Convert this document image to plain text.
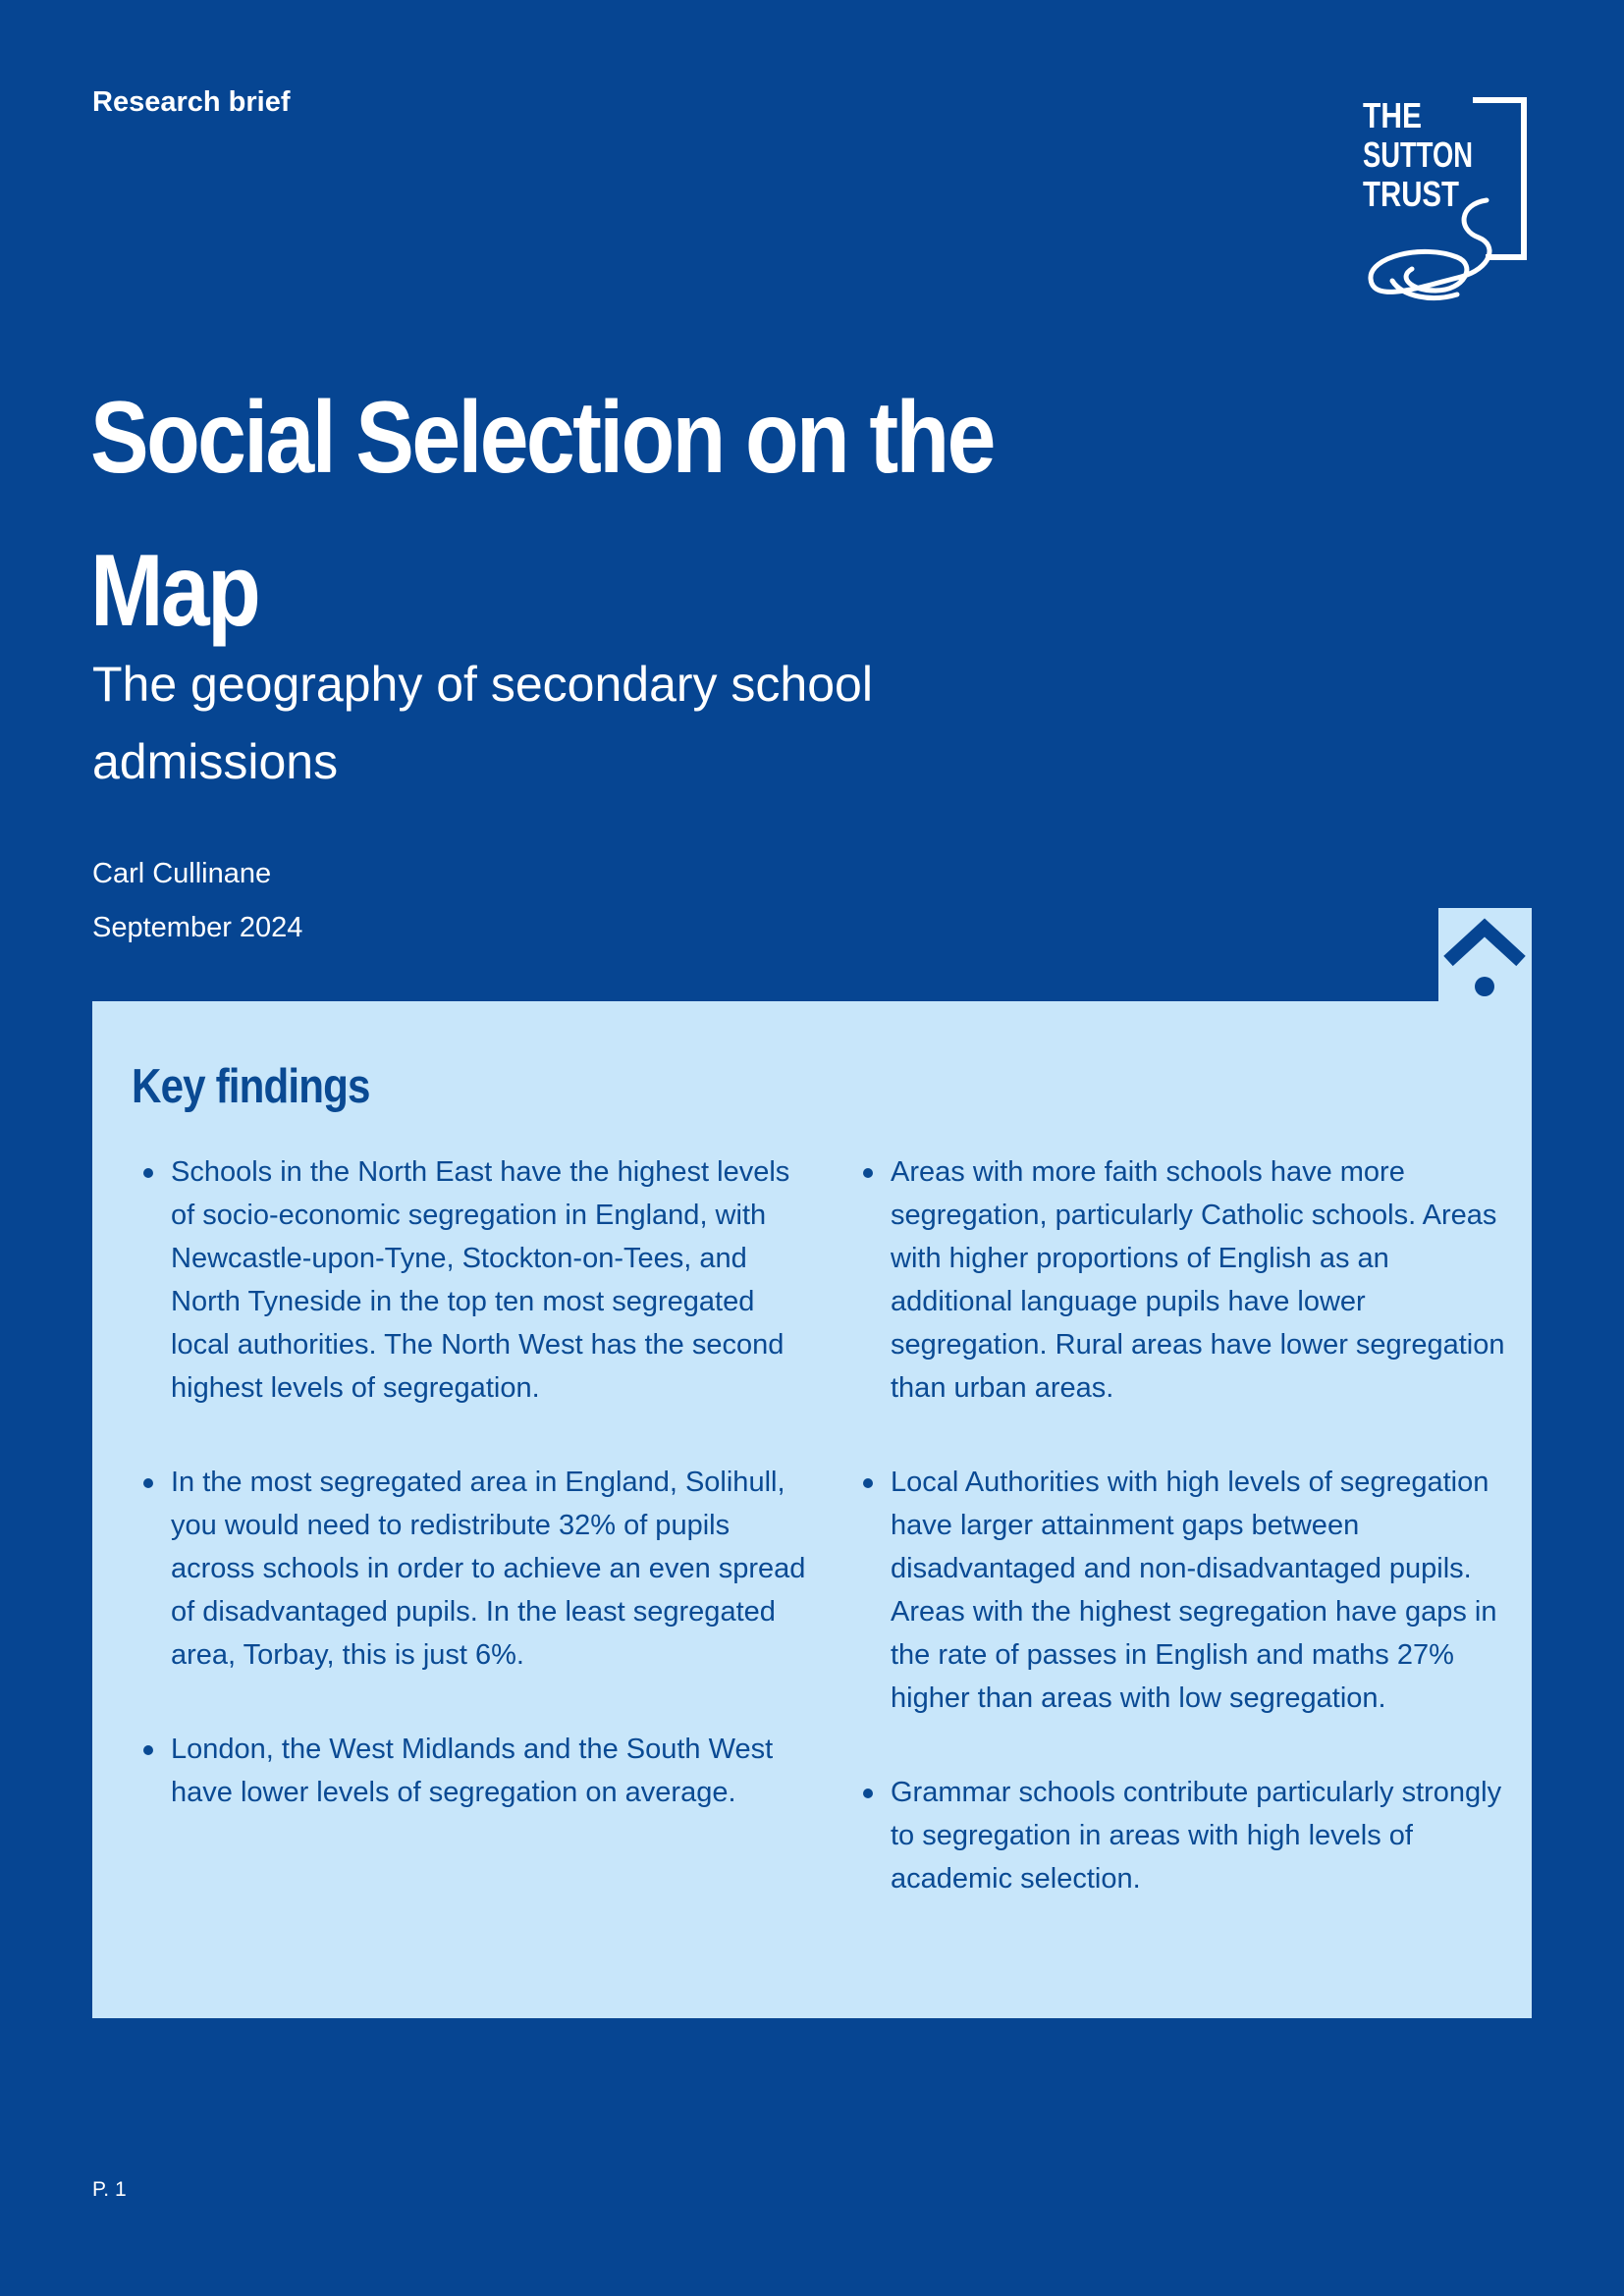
Research brief	THE
SUTTON
TRUST
Social Selection on the Map
The geography of secondary school admissions
Carl Cullinane
September 2024
Key findings
Schools in the North East have the highest levels of socio-economic segregation in England, with Newcastle-upon-Tyne, Stockton-on-Tees, and North Tyneside in the top ten most segregated local authorities. The North West has the second highest levels of segregation.
In the most segregated area in England, Solihull, you would need to redistribute 32% of pupils across schools in order to achieve an even spread of disadvantaged pupils. In the least segregated area, Torbay, this is just 6%.
London, the West Midlands and the South West have lower levels of segregation on average.
Areas with more faith schools have more segregation, particularly Catholic schools. Areas with higher proportions of English as an additional language pupils have lower segregation. Rural areas have lower segregation than urban areas.
Local Authorities with high levels of segregation have larger attainment gaps between disadvantaged and non-disadvantaged pupils. Areas with the highest segregation have gaps in the rate of passes in English and maths 27% higher than areas with low segregation.
Grammar schools contribute particularly strongly to segregation in areas with high levels of academic selection.
P. 1
